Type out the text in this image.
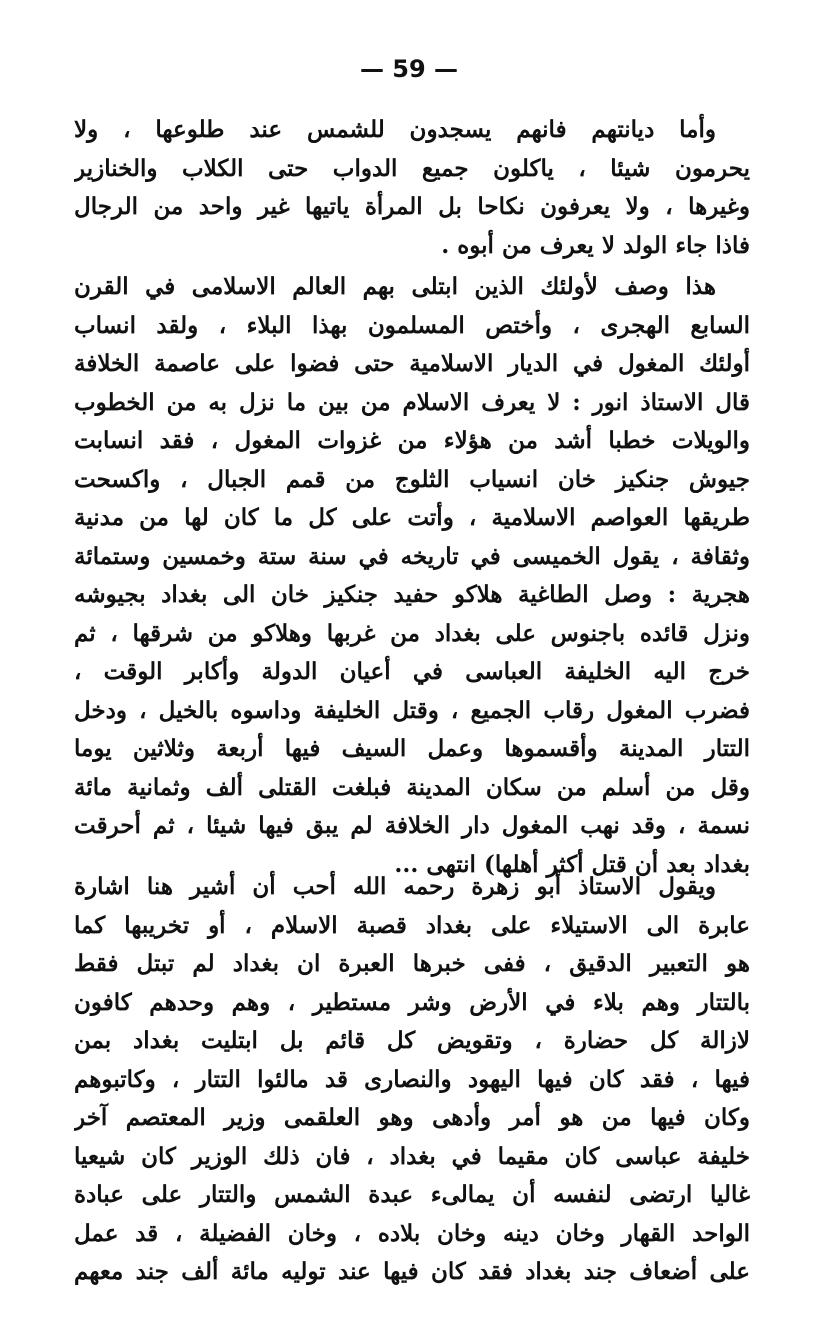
— 59 —
وأما ديانتهم فانهم يسجدون للشمس عند طلوعها ، ولا
يحرمون شيئا ، ياكلون جميع الدواب حتى الكلاب والخنازير
وغيرها ، ولا يعرفون نكاحا بل المرأة ياتيها غير واحد من الرجال
فاذا جاء الولد لا يعرف من أبوه .
هذا وصف لأولئك الذين ابتلى بهم العالم الاسلامى في القرن
السابع الهجرى ، وأختص المسلمون بهذا البلاء ، ولقد انساب
أولئك المغول في الديار الاسلامية حتى فضوا على عاصمة الخلافة
قال الاستاذ انور : لا يعرف الاسلام من بين ما نزل به من الخطوب
والويلات خطبا أشد من هؤلاء من غزوات المغول ، فقد انسابت
جيوش جنكيز خان انسياب الثلوج من قمم الجبال ، واكسحت
طريقها العواصم الاسلامية ، وأتت على كل ما كان لها من مدنية
وثقافة ، يقول الخميسى في تاريخه في سنة ستة وخمسين وستمائة
هجرية : وصل الطاغية هلاكو حفيد جنكيز خان الى بغداد بجيوشه
ونزل قائده باجنوس على بغداد من غربها وهلاكو من شرقها ، ثم
خرج اليه الخليفة العباسى في أعيان الدولة وأكابر الوقت ،
فضرب المغول رقاب الجميع ، وقتل الخليفة وداسوه بالخيل ، ودخل
التتار المدينة وأقسموها وعمل السيف فيها أربعة وثلاثين يوما
وقل من أسلم من سكان المدينة فبلغت القتلى ألف وثمانية مائة
نسمة ، وقد نهب المغول دار الخلافة لم يبق فيها شيئا ، ثم أحرقت
بغداد بعد أن قتل أكثر أهلها) انتهى ...
ويقول الاستاذ أبو زهرة رحمه الله أحب أن أشير هنا اشارة
عابرة الى الاستيلاء على بغداد قصبة الاسلام ، أو تخريبها كما
هو التعبير الدقيق ، ففى خبرها العبرة ان بغداد لم تبتل فقط
بالتتار وهم بلاء في الأرض وشر مستطير ، وهم وحدهم كافون
لازالة كل حضارة ، وتقويض كل قائم بل ابتليت بغداد بمن
فيها ، فقد كان فيها اليهود والنصارى قد مالئوا التتار ، وكاتبوهم
وكان فيها من هو أمر وأدهى وهو العلقمى وزير المعتصم آخر
خليفة عباسى كان مقيما في بغداد ، فان ذلك الوزير كان شيعيا
غاليا ارتضى لنفسه أن يمالىء عبدة الشمس والتتار على عبادة
الواحد القهار وخان دينه وخان بلاده ، وخان الفضيلة ، قد عمل
على أضعاف جند بغداد فقد كان فيها عند توليه مائة ألف جند معهم
